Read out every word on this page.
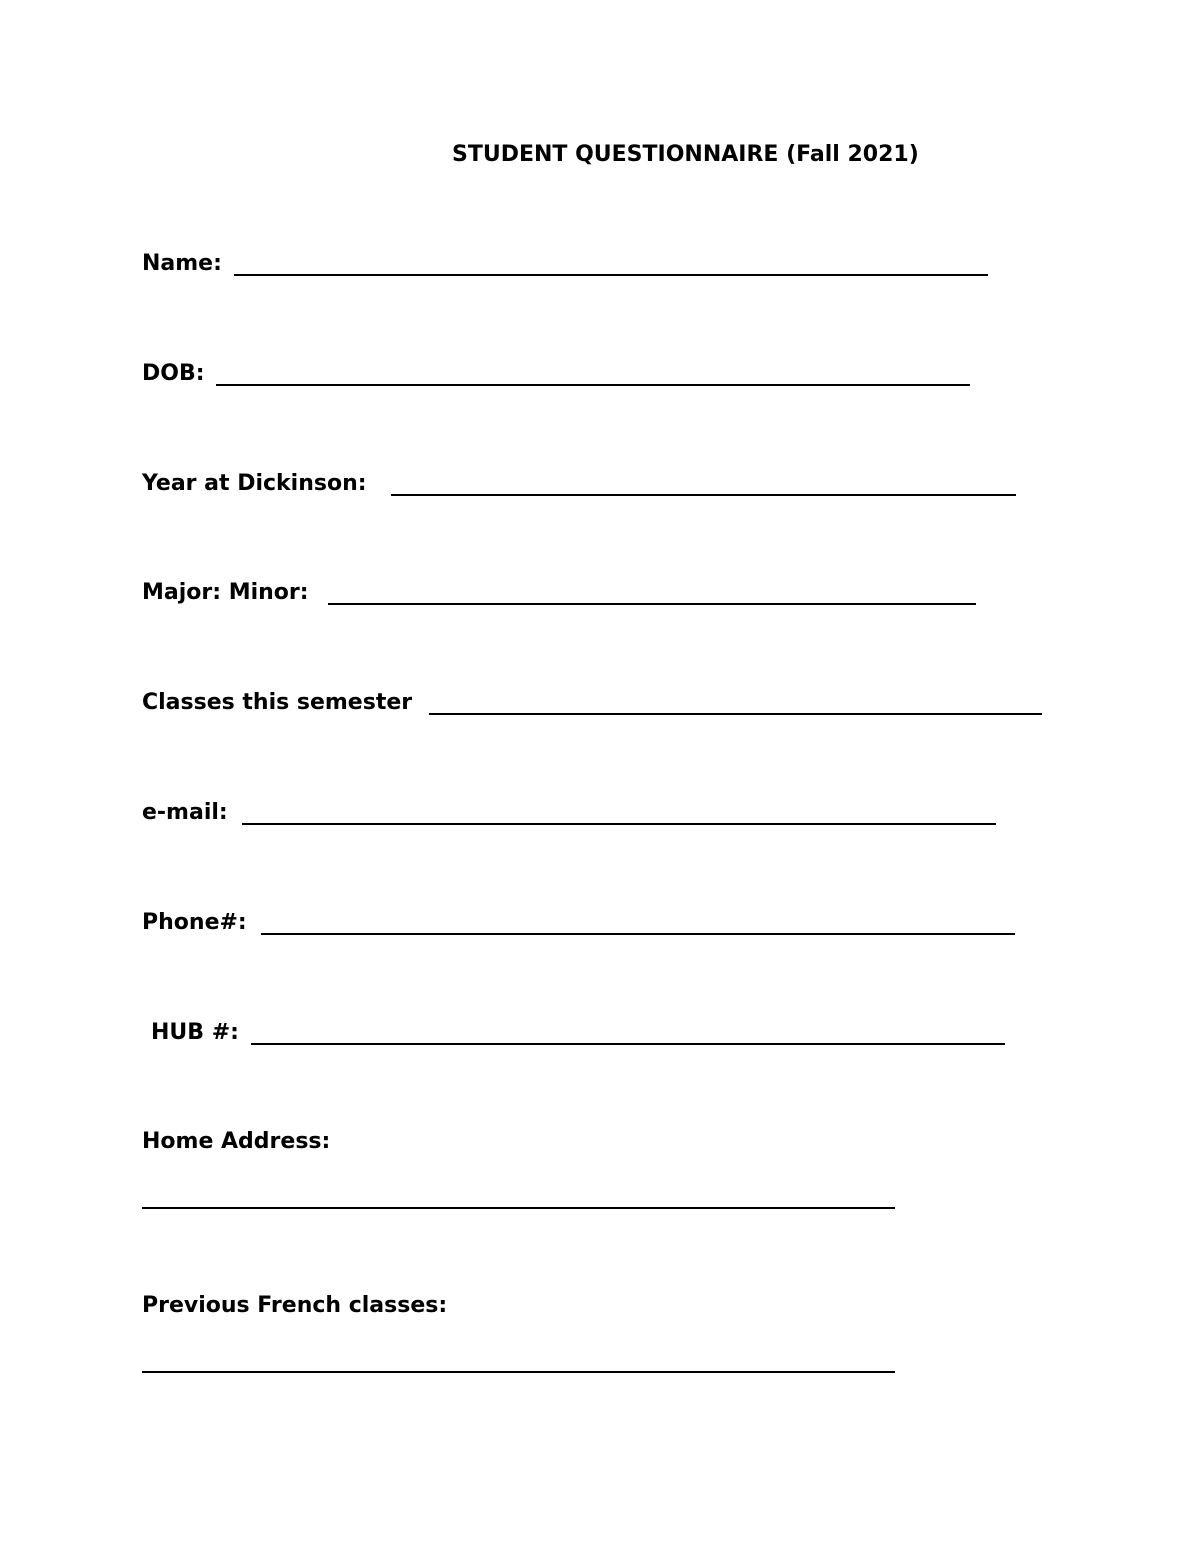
STUDENT QUESTIONNAIRE (Fall 2021)
Name:
DOB:
Year at Dickinson:
Major: Minor:
Classes this semester
e-mail:
Phone#:
HUB #:
Home Address:
Previous French classes:
